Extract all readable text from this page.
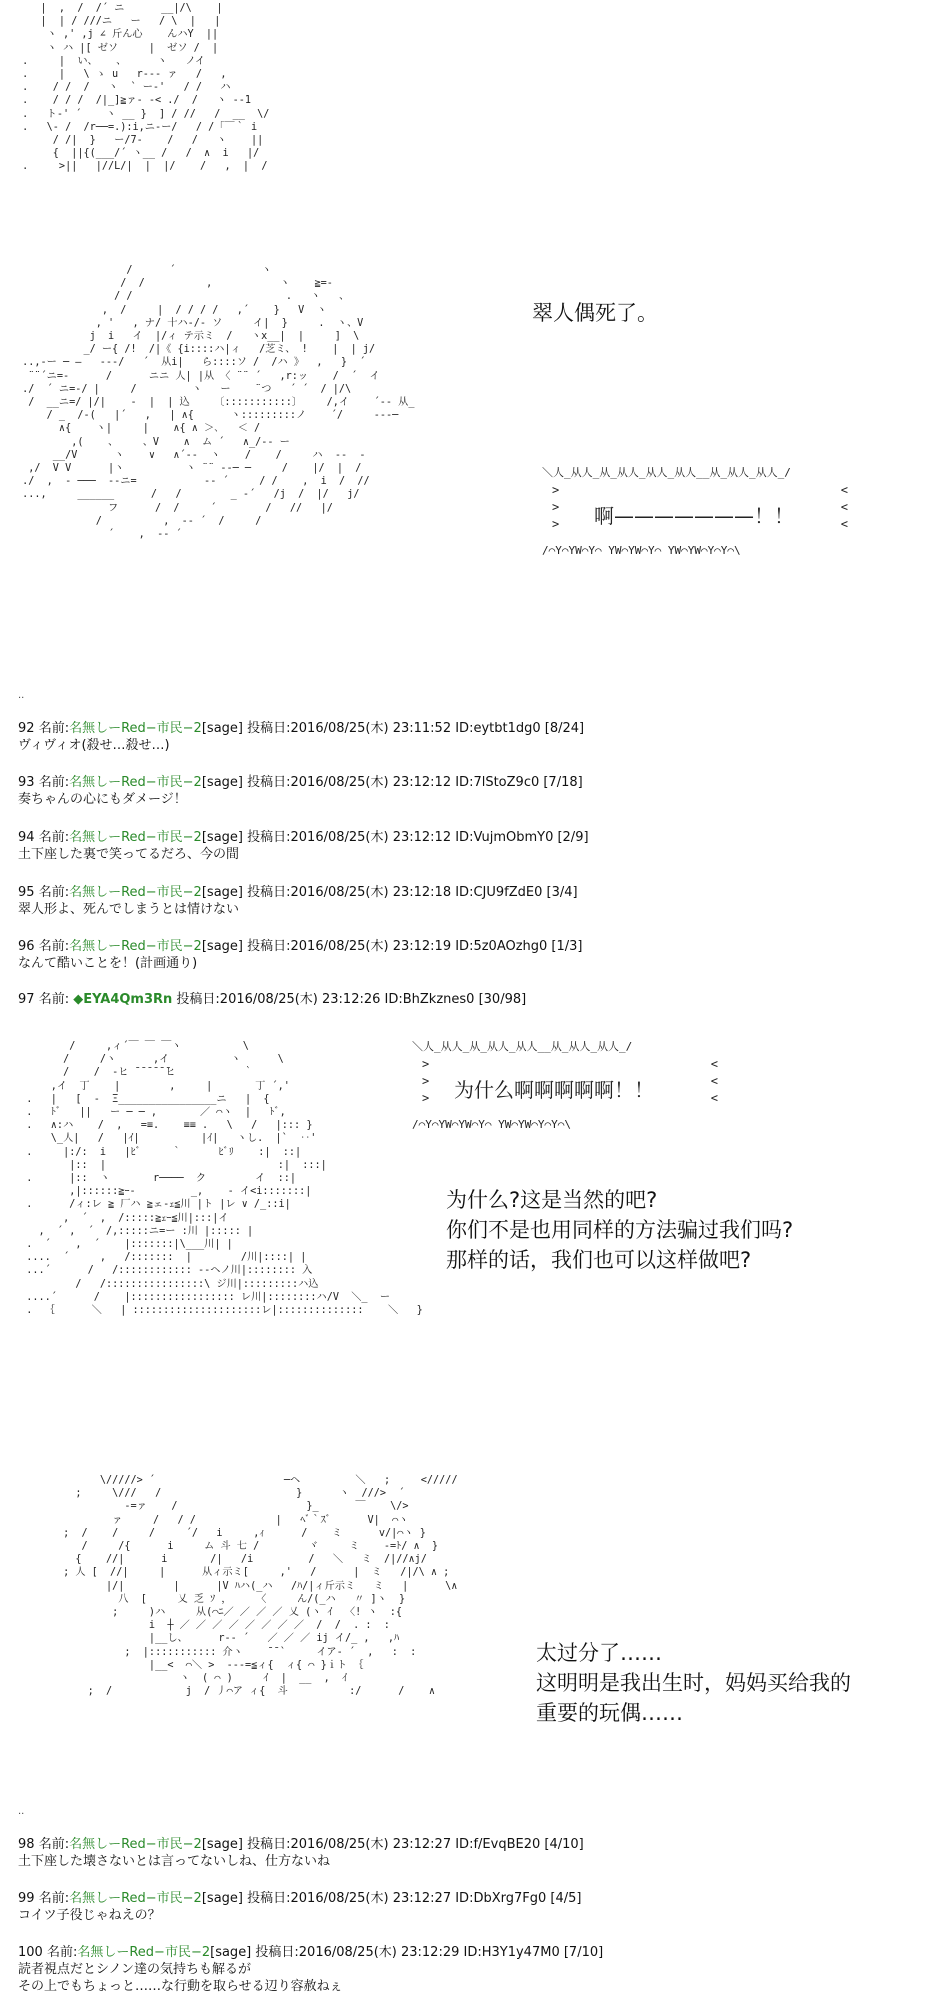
|  ,  /  /´ ニ      __|/\    |
|  | / ///ニ   ー   / \  |   |
ヽ ,' ,j ∠ 斤ん心    んハY  ||
ヽ ハ |[ ゼソ     |  ゼソ /  |
.     |  い、   、     ヽ   ノイ
.     |   \ ゝ u   r--- ァ   /   ,
.    / /  /   ヽ  ` ー‐'   / /   ハ
.    / / /  /|_]≧ァ- ‐< ./  /   ヽ --1
.   ト-' ´    ヽ __ }  ] / //   /  __  \/
.   \- /  /r──=.):i,ニ-ー/   / /「￣｀ i
/ /|  }   ー/7-    /   /   ヽ    ||
{  ||{(___/´ ヽ__ /   /  ∧  i   |/
.     >||   |//L/|  |  |/    /   ,  |  /
/      ´              ヽ
/  /          ,           ヽ    ≧=-
/ /                         .   ヽ   、
,  /     |  / / / /   ,´    }   V  ヽ
, '   , ナ/ 十ハ-/‐ ソ     イ|  }     .  ヽ、V
j  i   イ  |/ィ テ示ミ  /   ヽx__|  |     ]  \
_/ ー{ /!  /|《 {i::::ハ|ィ   /芝ミ、 !    |  | j/
..,-ー ─ ―   ---/   ´  从i|   ら::::ソ /  /ハ 》  ,   }  ´
¨¨´ニ=-      /      ニニ 人| |从 〈 ¨¨ ´   ,r:ッ    /  ´  イ
./  ´ ニ=‐/ |     /         ヽ   ー    ¨つ   ´ ´  / |/\
/  __ニ=/ |/|    -  |  | 込    〔:::::::::::〕    /,イ    ´-- 从_
/ _  /‐(   |´   ,   | ∧{      ヽ:::::::::ノ    ´/     --‐─
∧{    ヽ|     |    ∧{ ∧ ＞､   ＜ /
,(    、    、V    ∧  ム ´   ∧_/‐‐ ー
__/V      ヽ    ∨   ∧´‐-  ヽ    /    /     ハ  --  ‐
,/  V V      |ヽ          ヽ ¨¨ --─ ─     /    |/  |  /
./  ,  - ───  --ニ=           -‐ ´     / /    ,  i  /  //
...,     ______      /   /        _ -´   /j  /  |/   j/
フ      /  /     ´        /   //   |/
/          ,  -- ´  /     /
´    ,  -- ´
/     ,ィ´￣ ￣ ￣ヽ          \
/     /ヽ      ,イ          ヽ      \
/    /  ‐ヒ ̄ ̄ ̄ ̄ ̄ ̄ヒ           ｀
,イ  丁    |        ,     |       丁 ´,'
.   |   [  -  Ξ________________ニ   |  {
.   ﾄﾞ   ||   ー ─ ─ ,       ／ ⌒ヽ  |   ﾄﾞ,
.   ∧:ハ    /  ,   =≡.    ≡≡ .   \   /   |::: }
\_人|   /   |ｲ|          |ｲ|   ヽし.  |`  ‥'
.     |:/:  i   |ﾋﾞ     ｀      ﾋﾞﾘ    :|  ::|
|::  |                            :|  :::|
.      |::  ヽ       r────  ク        イ  ::|
,|::::::≧ｰ‐         _,    ‐ イ<i:::::::|
.      /ィ:レ ≧ 厂ハ ≧ェ-ｪ≦川 |ト |レ ∨ /_::i|
,  ´  ,  /:::::≧ｪｰ≦川|:::|イ
,  ´ ,  ´  /,:::::ニ=ー :川 |::::: |
.  ´    ,  ´    |:::::::|\___川| |
....  ´     ,   /:::::::  |        /川|::::| |
...´      /   /:::::::::::: ‐‐ヘノ川|:::::::: 入
/   /::::::::::::::::\ ジ川|:::::::::ハ込
....´      /    |::::::::::::::::: レ川|::::::::ハ/V  ＼_  ー
.  ｛      ＼   | :::::::::::::::::::::レ|::::::::::::::    ＼   }
\/////> ´                     ─ヘ         ＼   ;     </////
;     \///   /                      }      ヽ  ///>  ´
-=ァ    /                     }_      ￣    \/>
ァ     /   / /             |   ﾍﾞ｀ｽﾞ      V|  ⌒ヽ
;  /    /     /     ´/   i     ,ｨ      /    ミ      v/|⌒ヽ }
/     /{      i     ム 斗 七 /        ヾ     ミ    -=ﾄ/ ∧  }
{    //|      i       /|   /i         /   ＼   ミ  /|//∧j/
; 人 [  //|     |      从ィ示ミ[     ,'   /      |  ミ   /|/\ ∧ ;
|/|        |      |V ﾊハ(_ハ   /ﾊ/|ィ斤示ミ   ミ   |      \∧
八  [     乂 乏 ｿ ，    〈     ん/(_ハ   〃 ]ヽ  }
;     )ハ     从(⌒ﾆ／ ／ ／ ／ 乂 (ヽ ｲ  〈! ヽ  :{
i  ┼ ／ ／ ／ ／ ／ ／ ／ ／  /  /  . :  :
|__し、     r‐‐ ´   ／ ／ ／ ij イ/_ ,   ,ﾊ
;  |::::::::::: 介ヽ    ¯¯`     イア‐ ´  ,   :  :
|__<  ⌒＼ >  ---=≦ィ{  ィ{ ⌒ }ｉト ｛
ヽ  ( ⌒ )     ｲ  |  __  ,  ｲ
;  /            j  / 丿⌒ア ィ{  斗          :/      /    ∧
翠人偶死了。
为什么?这是当然的吧?
你们不是也用同样的方法骗过我们吗?
那样的话，我们也可以这样做吧?
太过分了……
这明明是我出生时，妈妈买给我的
重要的玩偶……

＼人_从人_从_从人_从人_从人__从_从人_从人_/

>
>
>

<
<
<

啊———————！！

/⌒Y⌒YW⌒Y⌒ YW⌒YW⌒Y⌒ YW⌒YW⌒Y⌒Y⌒\

＼人_从人_从_从人_从人__从_从人_从人_/

>
>
>

<
<
<

为什么啊啊啊啊啊！！

/⌒Y⌒YW⌒YW⌒Y⌒ YW⌒YW⌒Y⌒Y⌒\

..
..
92 名前:名無しーRed−市民−2[sage] 投稿日:2016/08/25(木) 23:11:52 ID:eytbt1dg0 [8/24]
ヴィヴィオ(殺せ…殺せ…)
93 名前:名無しーRed−市民−2[sage] 投稿日:2016/08/25(木) 23:12:12 ID:7lStoZ9c0 [7/18]
奏ちゃんの心にもダメージ！
94 名前:名無しーRed−市民−2[sage] 投稿日:2016/08/25(木) 23:12:12 ID:VujmObmY0 [2/9]
土下座した裏で笑ってるだろ、今の間
95 名前:名無しーRed−市民−2[sage] 投稿日:2016/08/25(木) 23:12:18 ID:CJU9fZdE0 [3/4]
翠人形よ、死んでしまうとは情けない
96 名前:名無しーRed−市民−2[sage] 投稿日:2016/08/25(木) 23:12:19 ID:5z0AOzhg0 [1/3]
なんて酷いことを！(計画通り)
97 名前: ◆EYA4Qm3Rn 投稿日:2016/08/25(木) 23:12:26 ID:BhZkznes0 [30/98]
98 名前:名無しーRed−市民−2[sage] 投稿日:2016/08/25(木) 23:12:27 ID:f/EvqBE20 [4/10]
土下座した壊さないとは言ってないしね、仕方ないね
99 名前:名無しーRed−市民−2[sage] 投稿日:2016/08/25(木) 23:12:27 ID:DbXrg7Fg0 [4/5]
コイツ子役じゃねえの？
100 名前:名無しーRed−市民−2[sage] 投稿日:2016/08/25(木) 23:12:29 ID:H3Y1y47M0 [7/10]
読者視点だとシノン達の気持ちも解るが
その上でもちょっと……な行動を取らせる辺り容赦ねぇ
